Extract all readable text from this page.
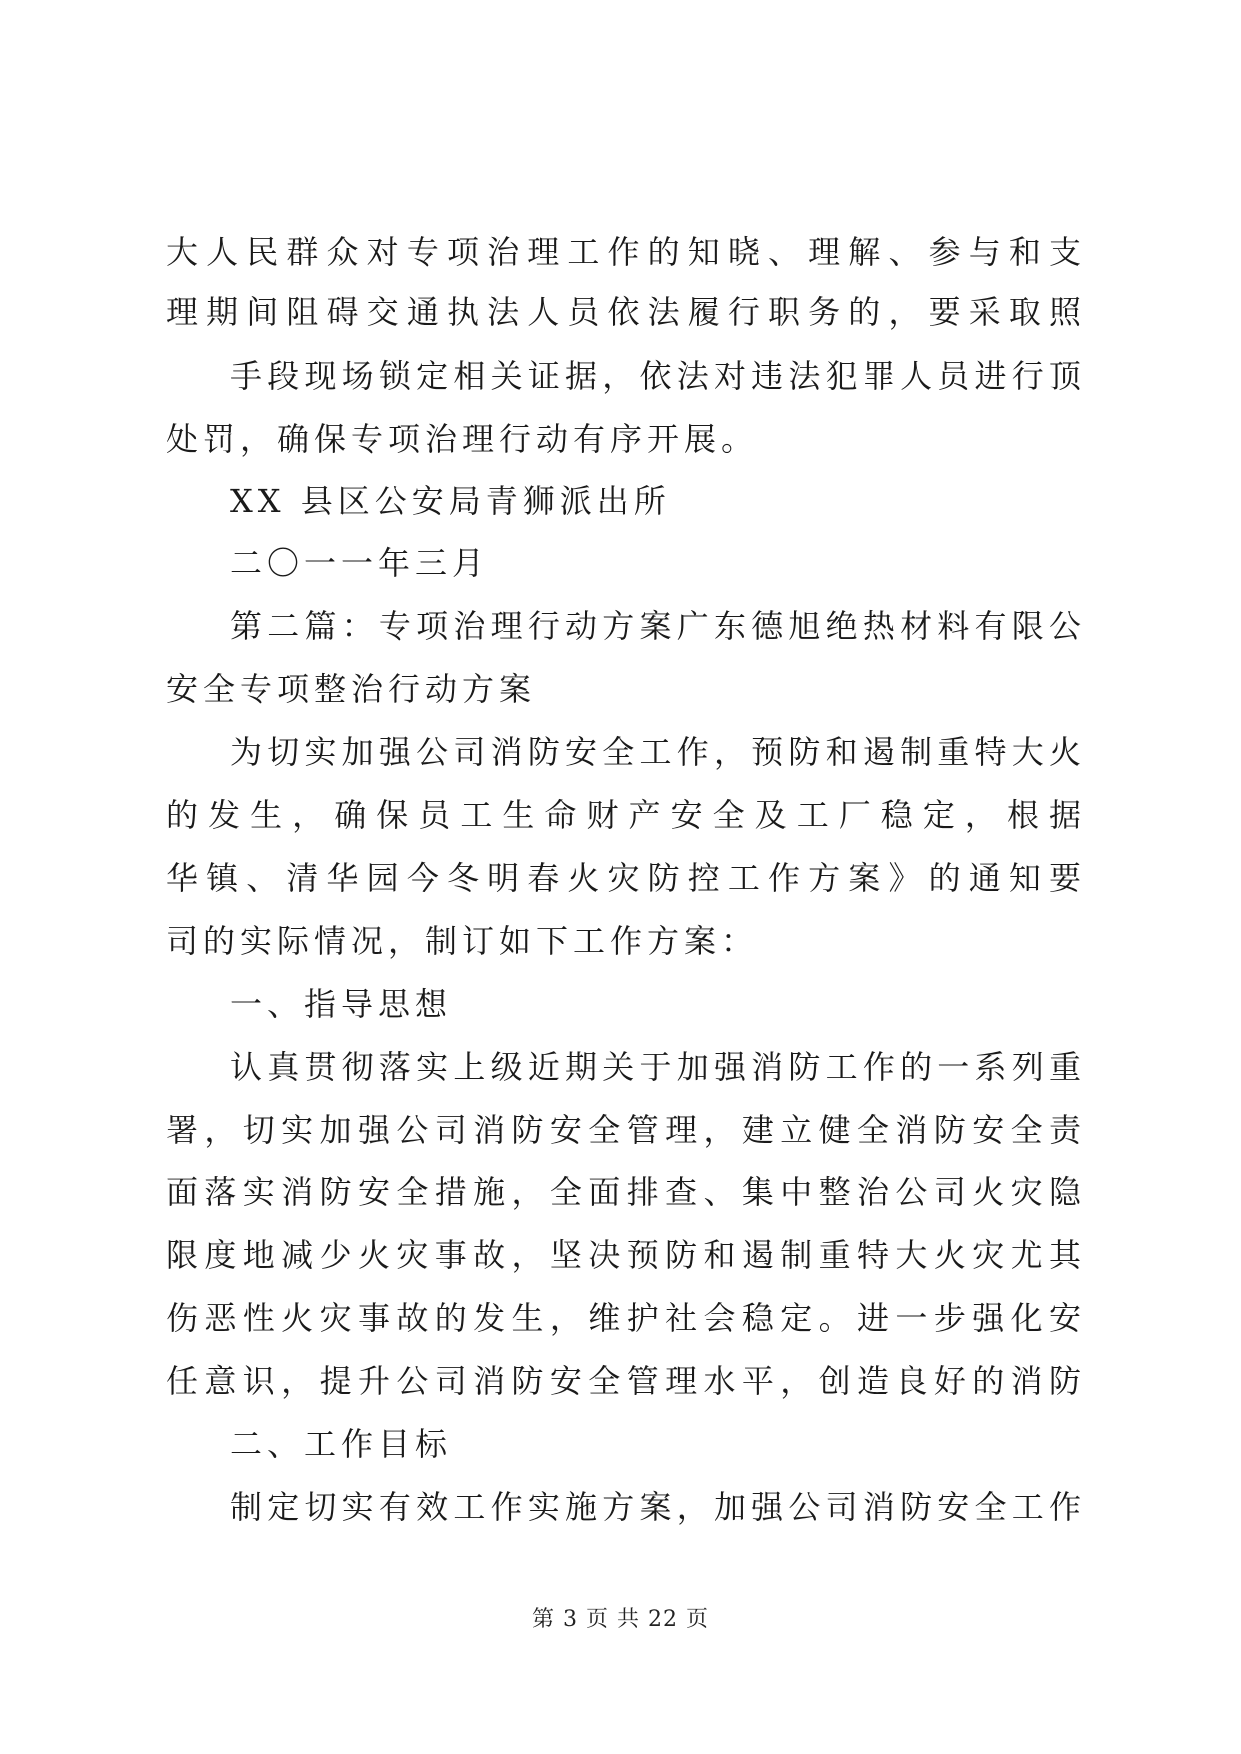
大人民群众对专项治理工作的知晓、理解、参与和支
理期间阻碍交通执法人员依法履行职务的，要采取照
手段现场锁定相关证据，依法对违法犯罪人员进行顶
处罚，确保专项治理行动有序开展。
XX 县区公安局青狮派出所
二〇一一年三月
第二篇：专项治理行动方案广东德旭绝热材料有限公
安全专项整治行动方案
为切实加强公司消防安全工作，预防和遏制重特大火
的发生，确保员工生命财产安全及工厂稳定，根据
华镇、清华园今冬明春火灾防控工作方案》的通知要
司的实际情况，制订如下工作方案：
一、指导思想
认真贯彻落实上级近期关于加强消防工作的一系列重
署，切实加强公司消防安全管理，建立健全消防安全责
面落实消防安全措施，全面排查、集中整治公司火灾隐
限度地减少火灾事故，坚决预防和遏制重特大火灾尤其
伤恶性火灾事故的发生，维护社会稳定。进一步强化安
任意识，提升公司消防安全管理水平，创造良好的消防
二、工作目标
制定切实有效工作实施方案，加强公司消防安全工作
第 3 页 共 22 页
